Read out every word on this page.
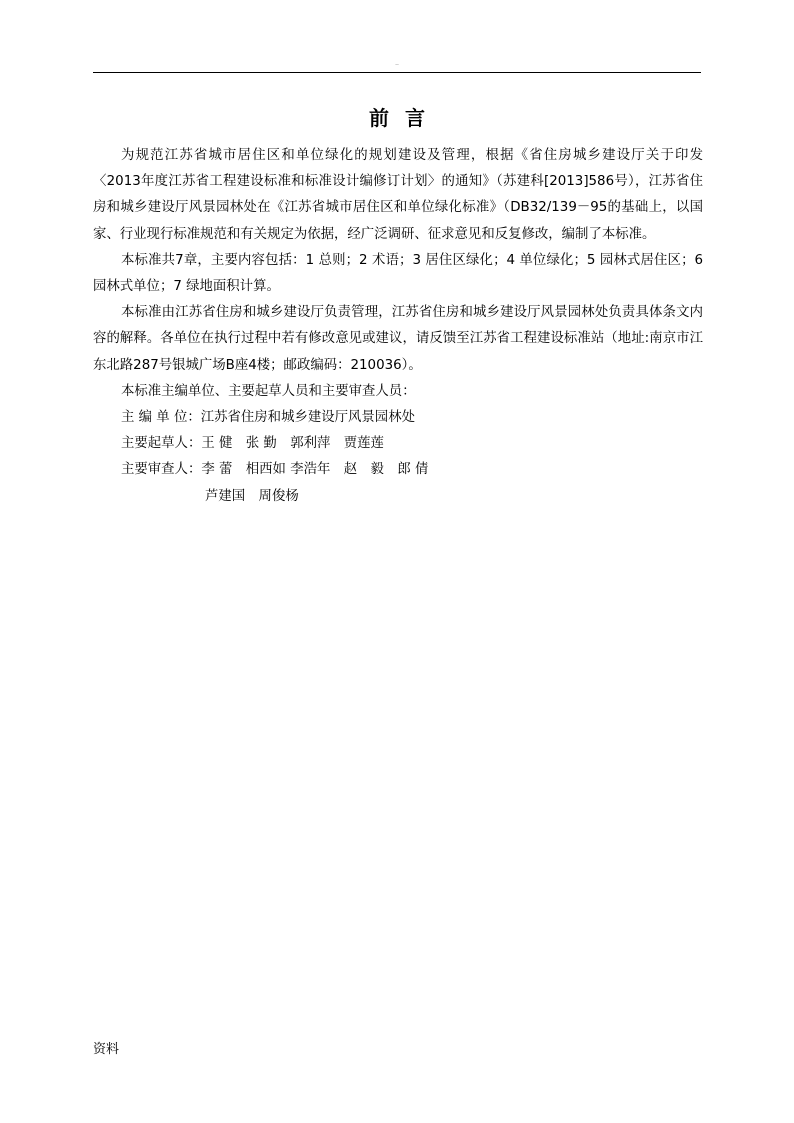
..
前言

为规范江苏省城市居住区和单位绿化的规划建设及管理，根据《省住房城乡建设厅关于印发〈2013年度江苏省工程建设标准和标准设计编修订计划〉的通知》（苏建科[2013]586号），江苏省住房和城乡建设厅风景园林处在《江苏省城市居住区和单位绿化标准》（DB32/139－95的基础上，以国家、行业现行标准规范和有关规定为依据，经广泛调研、征求意见和反复修改，编制了本标准。

本标准共7章，主要内容包括：1 总则；2 术语；3 居住区绿化；4 单位绿化；5 园林式居住区；6 园林式单位；7 绿地面积计算。

本标准由江苏省住房和城乡建设厅负责管理，江苏省住房和城乡建设厅风景园林处负责具体条文内容的解释。各单位在执行过程中若有修改意见或建议，请反馈至江苏省工程建设标准站（地址:南京市江东北路287号银城广场B座4楼；邮政编码：210036）。

本标准主编单位、主要起草人员和主要审查人员：

主 编 单 位：江苏省住房和城乡建设厅风景园林处

主要起草人：王 健　张 勤　郭利萍　贾莲莲

主要审查人：李 蕾　相西如 李浩年　赵　毅　郎 倩

芦建国　周俊杨

资料
